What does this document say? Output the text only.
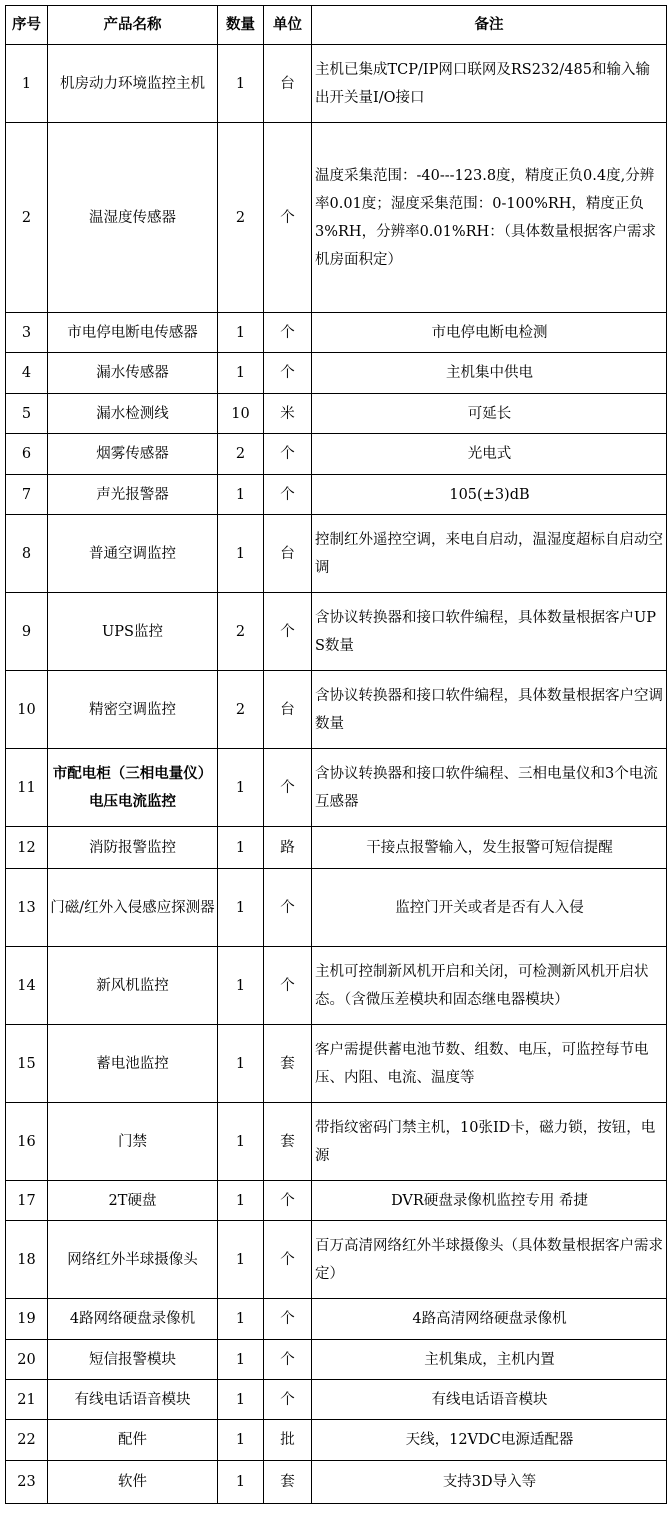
序号	产品名称	数量	单位	备注
1	机房动力环境监控主机	1	台	主机已集成TCP/IP网口联网及RS232/485和输入输出开关量I/O接口
2	温湿度传感器	2	个	温度采集范围：-40---123.8度，精度正负0.4度,分辨率0.01度；湿度采集范围：0-100%RH，精度正负3%RH，分辨率0.01%RH：（具体数量根据客户需求机房面积定）
3	市电停电断电传感器	1	个	市电停电断电检测
4	漏水传感器	1	个	主机集中供电
5	漏水检测线	10	米	可延长
6	烟雾传感器	2	个	光电式
7	声光报警器	1	个	105(±3)dB
8	普通空调监控	1	台	控制红外遥控空调，来电自启动，温湿度超标自启动空调
9	UPS监控	2	个	含协议转换器和接口软件编程，具体数量根据客户UPS数量
10	精密空调监控	2	台	含协议转换器和接口软件编程，具体数量根据客户空调数量
11	市配电柜（三相电量仪）电压电流监控	1	个	含协议转换器和接口软件编程、三相电量仪和3个电流互感器
12	消防报警监控	1	路	干接点报警输入，发生报警可短信提醒
13	门磁/红外入侵感应探测器	1	个	监控门开关或者是否有人入侵
14	新风机监控	1	个	主机可控制新风机开启和关闭，可检测新风机开启状态。（含微压差模块和固态继电器模块）
15	蓄电池监控	1	套	客户需提供蓄电池节数、组数、电压，可监控每节电压、内阻、电流、温度等
16	门禁	1	套	带指纹密码门禁主机，10张ID卡，磁力锁，按钮，电源
17	2T硬盘	1	个	DVR硬盘录像机监控专用 希捷
18	网络红外半球摄像头	1	个	百万高清网络红外半球摄像头（具体数量根据客户需求定）
19	4路网络硬盘录像机	1	个	4路高清网络硬盘录像机
20	短信报警模块	1	个	主机集成，主机内置
21	有线电话语音模块	1	个	有线电话语音模块
22	配件	1	批	天线，12VDC电源适配器
23	软件	1	套	支持3D导入等
